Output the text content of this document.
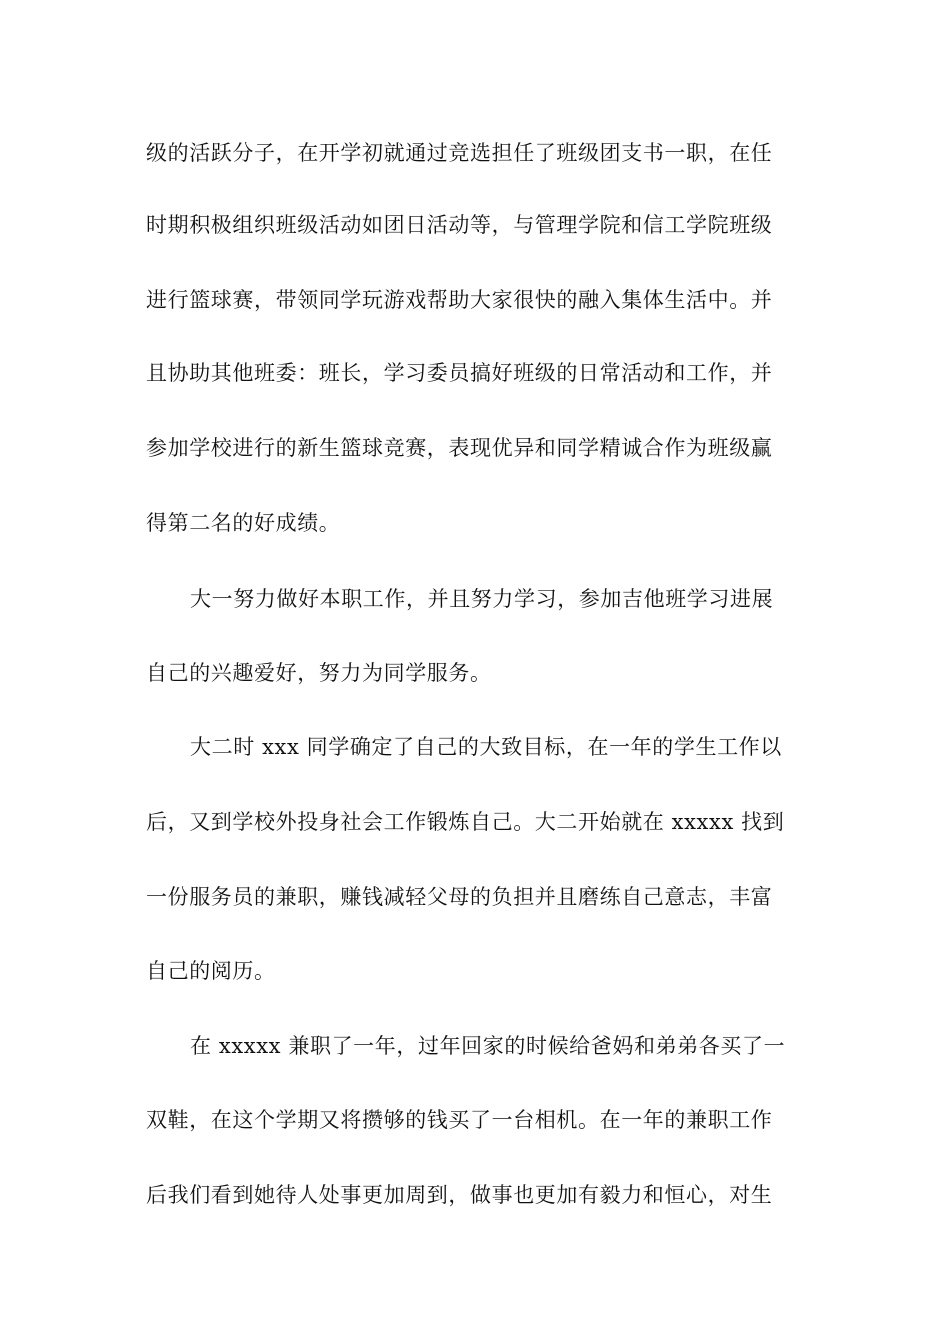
级的活跃分子，在开学初就通过竞选担任了班级团支书一职，在任
时期积极组织班级活动如团日活动等，与管理学院和信工学院班级
进行篮球赛，带领同学玩游戏帮助大家很快的融入集体生活中。并
且协助其他班委：班长，学习委员搞好班级的日常活动和工作，并
参加学校进行的新生篮球竞赛，表现优异和同学精诚合作为班级赢
得第二名的好成绩。
大一努力做好本职工作，并且努力学习，参加吉他班学习进展
自己的兴趣爱好，努力为同学服务。
大二时 xxx 同学确定了自己的大致目标，在一年的学生工作以
后，又到学校外投身社会工作锻炼自己。大二开始就在 xxxxx 找到
一份服务员的兼职，赚钱减轻父母的负担并且磨练自己意志，丰富
自己的阅历。
在 xxxxx 兼职了一年，过年回家的时候给爸妈和弟弟各买了一
双鞋，在这个学期又将攒够的钱买了一台相机。在一年的兼职工作
后我们看到她待人处事更加周到，做事也更加有毅力和恒心，对生
